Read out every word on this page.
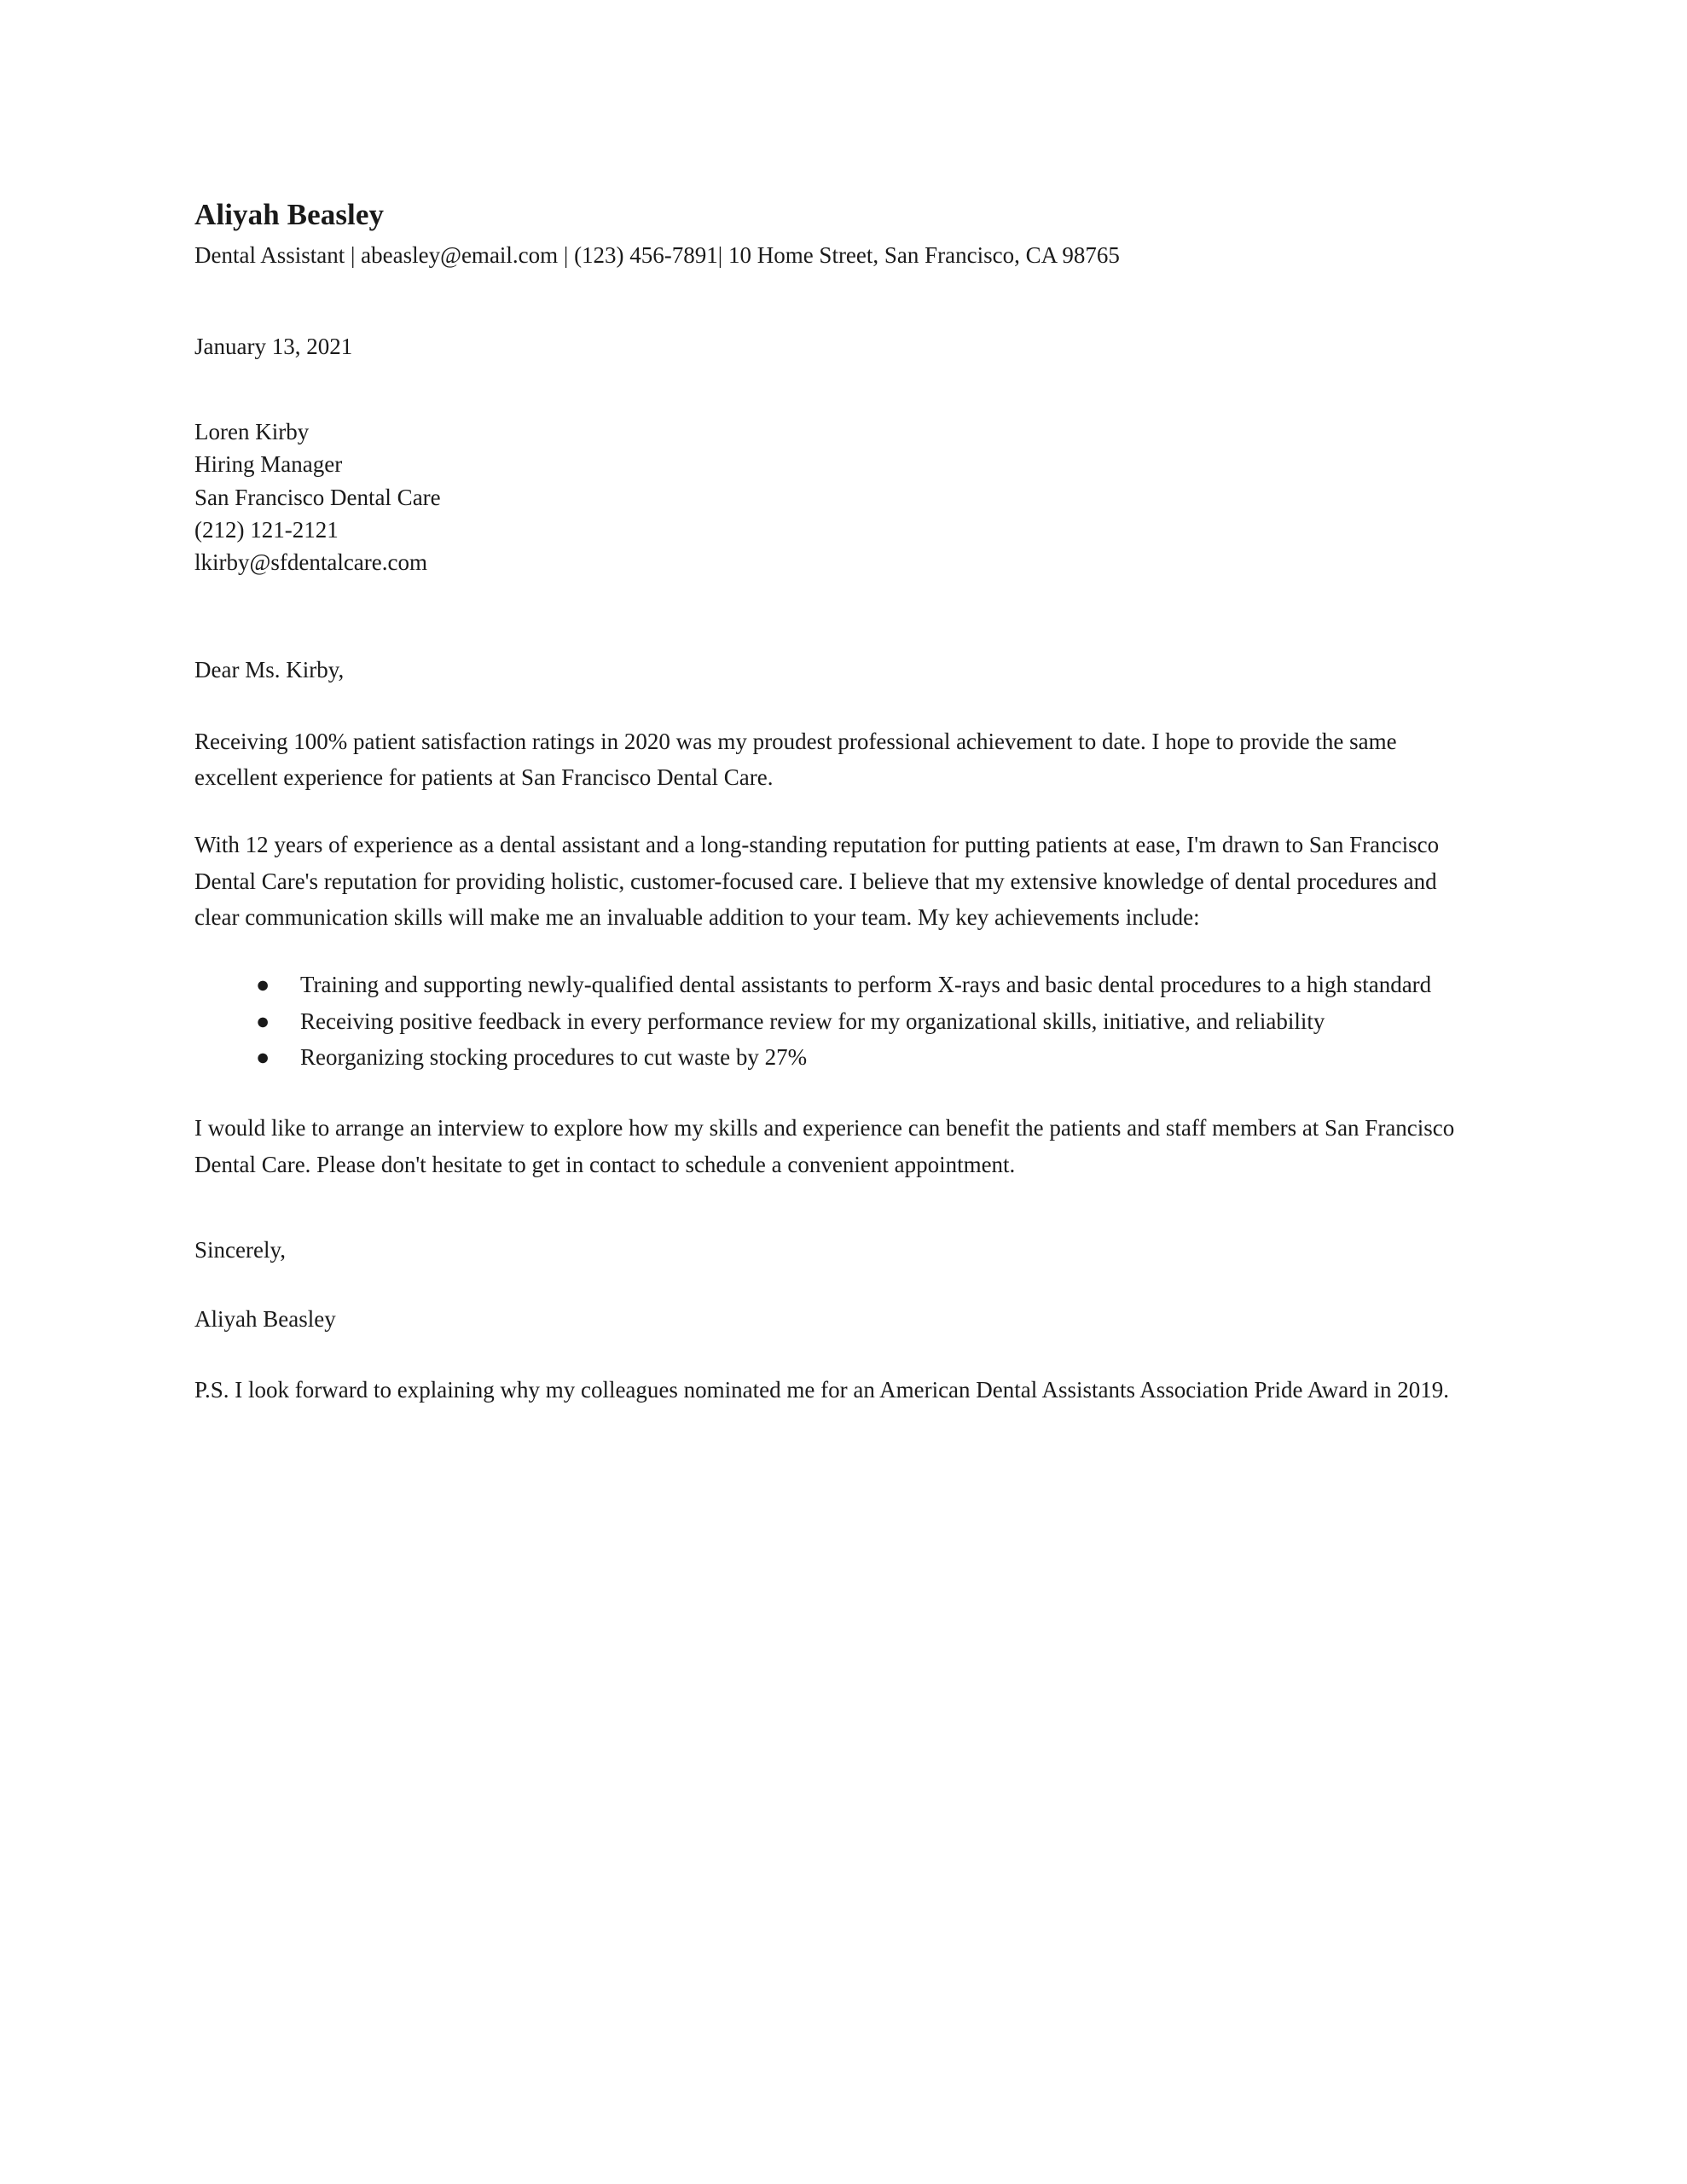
Aliyah Beasley

Dental Assistant | abeasley@email.com | (123) 456-7891| 10 Home Street, San Francisco, CA 98765

January 13, 2021

Loren Kirby

Hiring Manager

San Francisco Dental Care

(212) 121-2121

lkirby@sfdentalcare.com

Dear Ms. Kirby,

Receiving 100% patient satisfaction ratings in 2020 was my proudest professional achievement to date. I hope to provide the same excellent experience for patients at San Francisco Dental Care.

With 12 years of experience as a dental assistant and a long-standing reputation for putting patients at ease, I'm drawn to San Francisco Dental Care's reputation for providing holistic, customer-focused care. I believe that my extensive knowledge of dental procedures and clear communication skills will make me an invaluable addition to your team. My key achievements include:

● Training and supporting newly-qualified dental assistants to perform X-rays and basic dental procedures to a high standard
● Receiving positive feedback in every performance review for my organizational skills, initiative, and reliability
● Reorganizing stocking procedures to cut waste by 27%

I would like to arrange an interview to explore how my skills and experience can benefit the patients and staff members at San Francisco Dental Care. Please don't hesitate to get in contact to schedule a convenient appointment.

Sincerely,

Aliyah Beasley

P.S. I look forward to explaining why my colleagues nominated me for an American Dental Assistants Association Pride Award in 2019.
